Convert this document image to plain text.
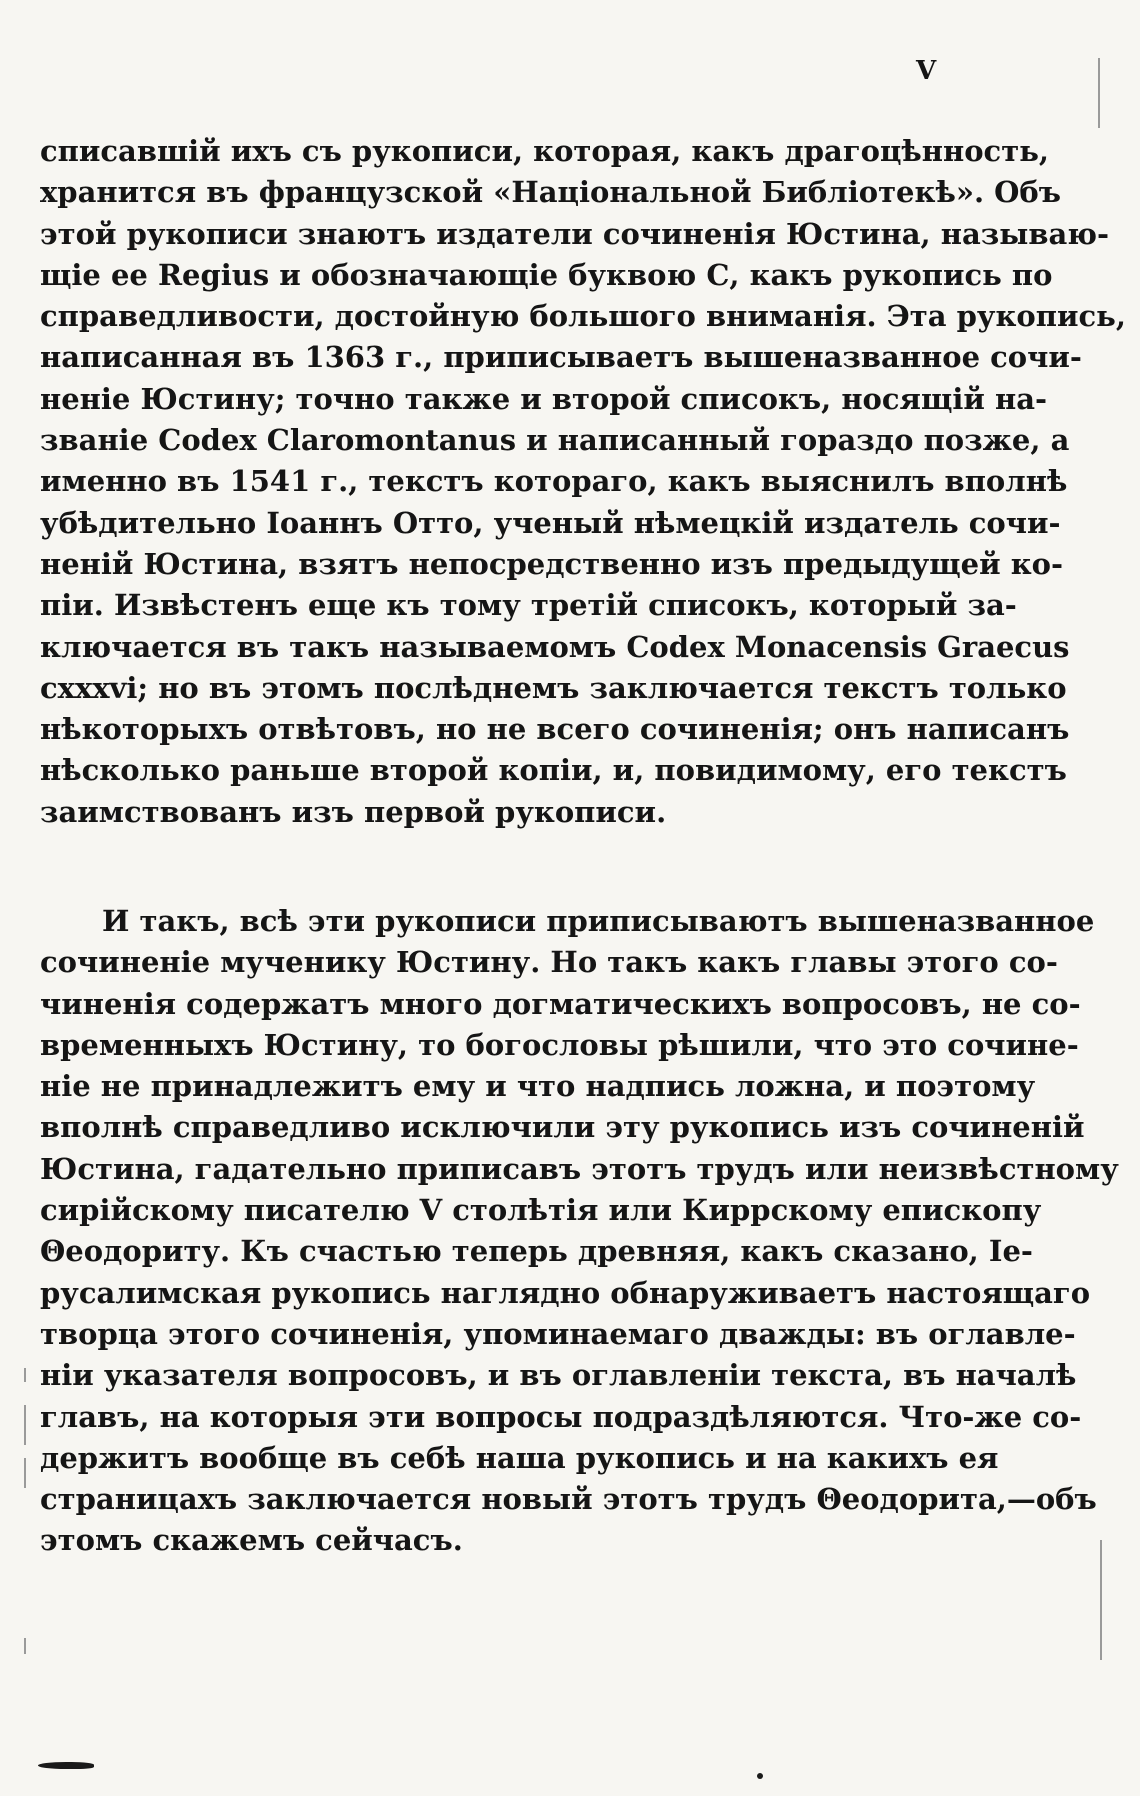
V
списавшій ихъ съ рукописи, которая, какъ драгоцѣнность,
хранится въ французской «Національной Библіотекѣ». Объ
этой рукописи знаютъ издатели сочиненія Юстина, называю-
щіе ее Regius и обозначающіе буквою С, какъ рукопись по
справедливости, достойную большого вниманія. Эта рукопись,
написанная въ 1363 г., приписываетъ вышеназванное сочи-
неніе Юстину; точно также и второй списокъ, носящій на-
званіе Codex Claromontanus и написанный гораздо позже, а
именно въ 1541 г., текстъ котораго, какъ выяснилъ вполнѣ
убѣдительно Іоаннъ Отто, ученый нѣмецкій издатель сочи-
неній Юстина, взятъ непосредственно изъ предыдущей ко-
піи. Извѣстенъ еще къ тому третій списокъ, который за-
ключается въ такъ называемомъ Codex Monacensis Graecus
cxxxvi; но въ этомъ послѣднемъ заключается текстъ только
нѣкоторыхъ отвѣтовъ, но не всего сочиненія; онъ написанъ
нѣсколько раньше второй копіи, и, повидимому, его текстъ
заимствованъ изъ первой рукописи.
И такъ, всѣ эти рукописи приписываютъ вышеназванное
сочиненіе мученику Юстину. Но такъ какъ главы этого со-
чиненія содержатъ много догматическихъ вопросовъ, не со-
временныхъ Юстину, то богословы рѣшили, что это сочине-
ніе не принадлежитъ ему и что надпись ложна, и поэтому
вполнѣ справедливо исключили эту рукопись изъ сочиненій
Юстина, гадательно приписавъ этотъ трудъ или неизвѣстному
сирійскому писателю V столѣтія или Киррскому епископу
Θеодориту. Къ счастью теперь древняя, какъ сказано, Іе-
русалимская рукопись наглядно обнаруживаетъ настоящаго
творца этого сочиненія, упоминаемаго дважды: въ оглавле-
ніи указателя вопросовъ, и въ оглавленіи текста, въ началѣ
главъ, на которыя эти вопросы подраздѣляются. Что-же со-
держитъ вообще въ себѣ наша рукопись и на какихъ ея
страницахъ заключается новый этотъ трудъ Θеодорита,—объ
этомъ скажемъ сейчасъ.
